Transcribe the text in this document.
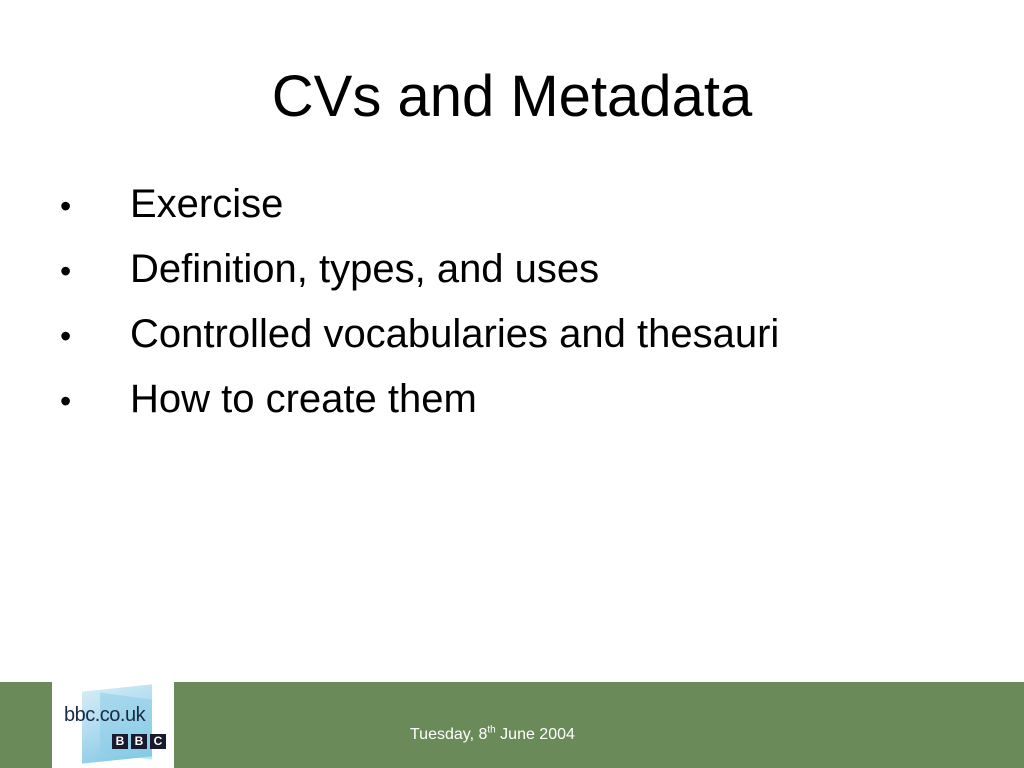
CVs and Metadata
•	Exercise
•	Definition, types, and uses
•	Controlled vocabularies and thesauri
•	How to create them
bbc.co.uk
B B C	Tuesday, 8th June 2004
